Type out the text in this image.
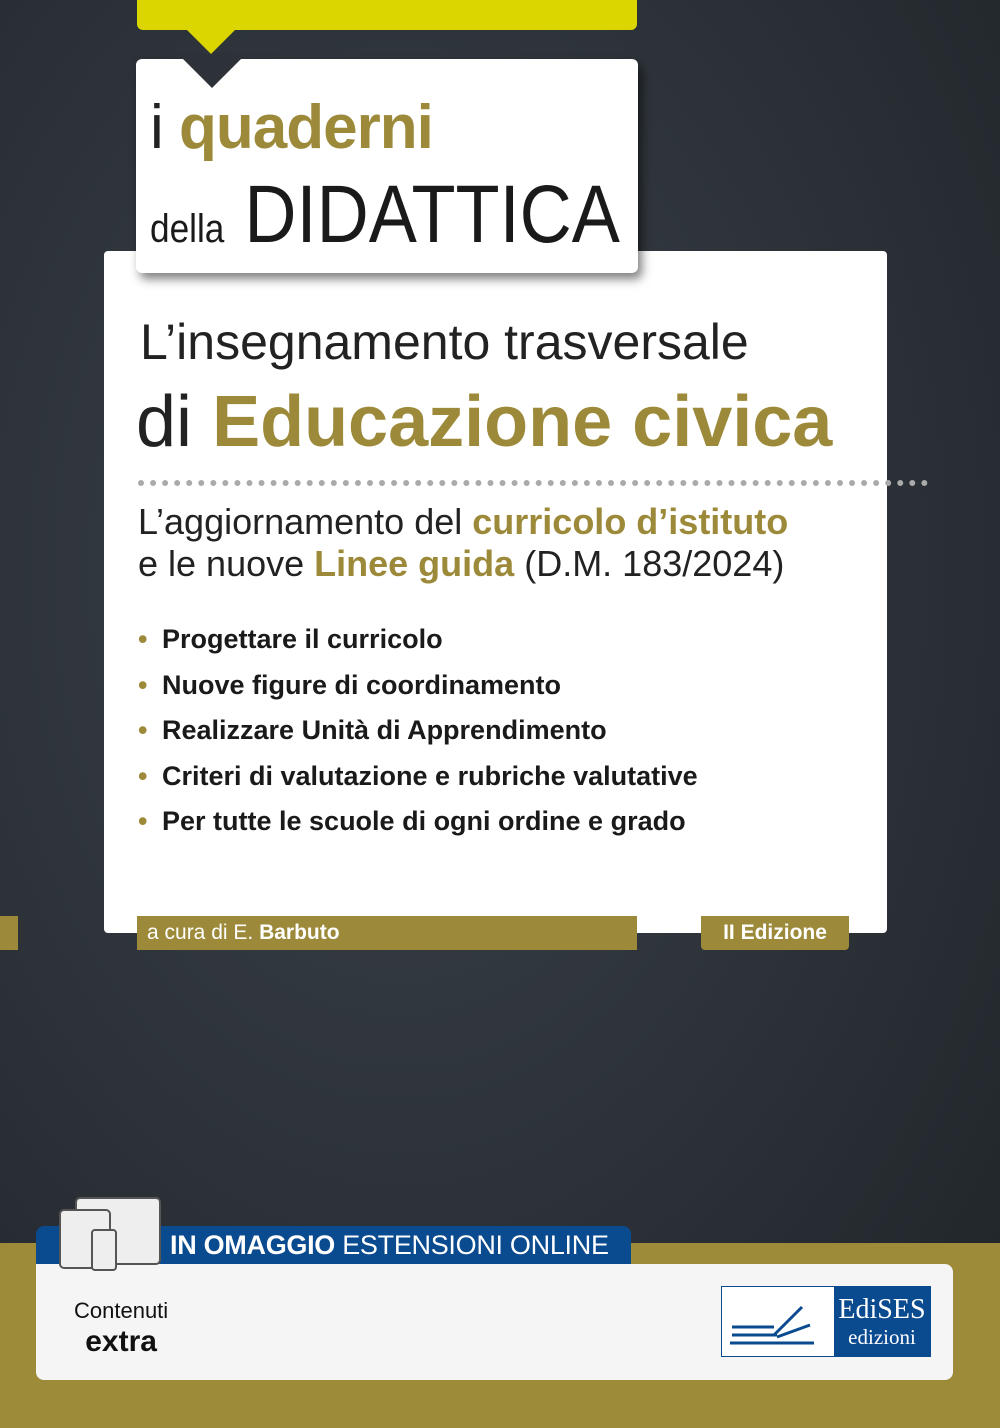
i quaderni
della DIDATTICA
L’insegnamento trasversale
di Educazione civica
L’aggiornamento del curricolo d’istituto
e le nuove Linee guida (D.M. 183/2024)
• Progettare il curricolo
• Nuove figure di coordinamento
• Realizzare Unità di Apprendimento
• Criteri di valutazione e rubriche valutative
• Per tutte le scuole di ogni ordine e grado
a cura di E. Barbuto	II Edizione
IN OMAGGIO ESTENSIONI ONLINE
Contenuti
extra
EdiSES
edizioni
